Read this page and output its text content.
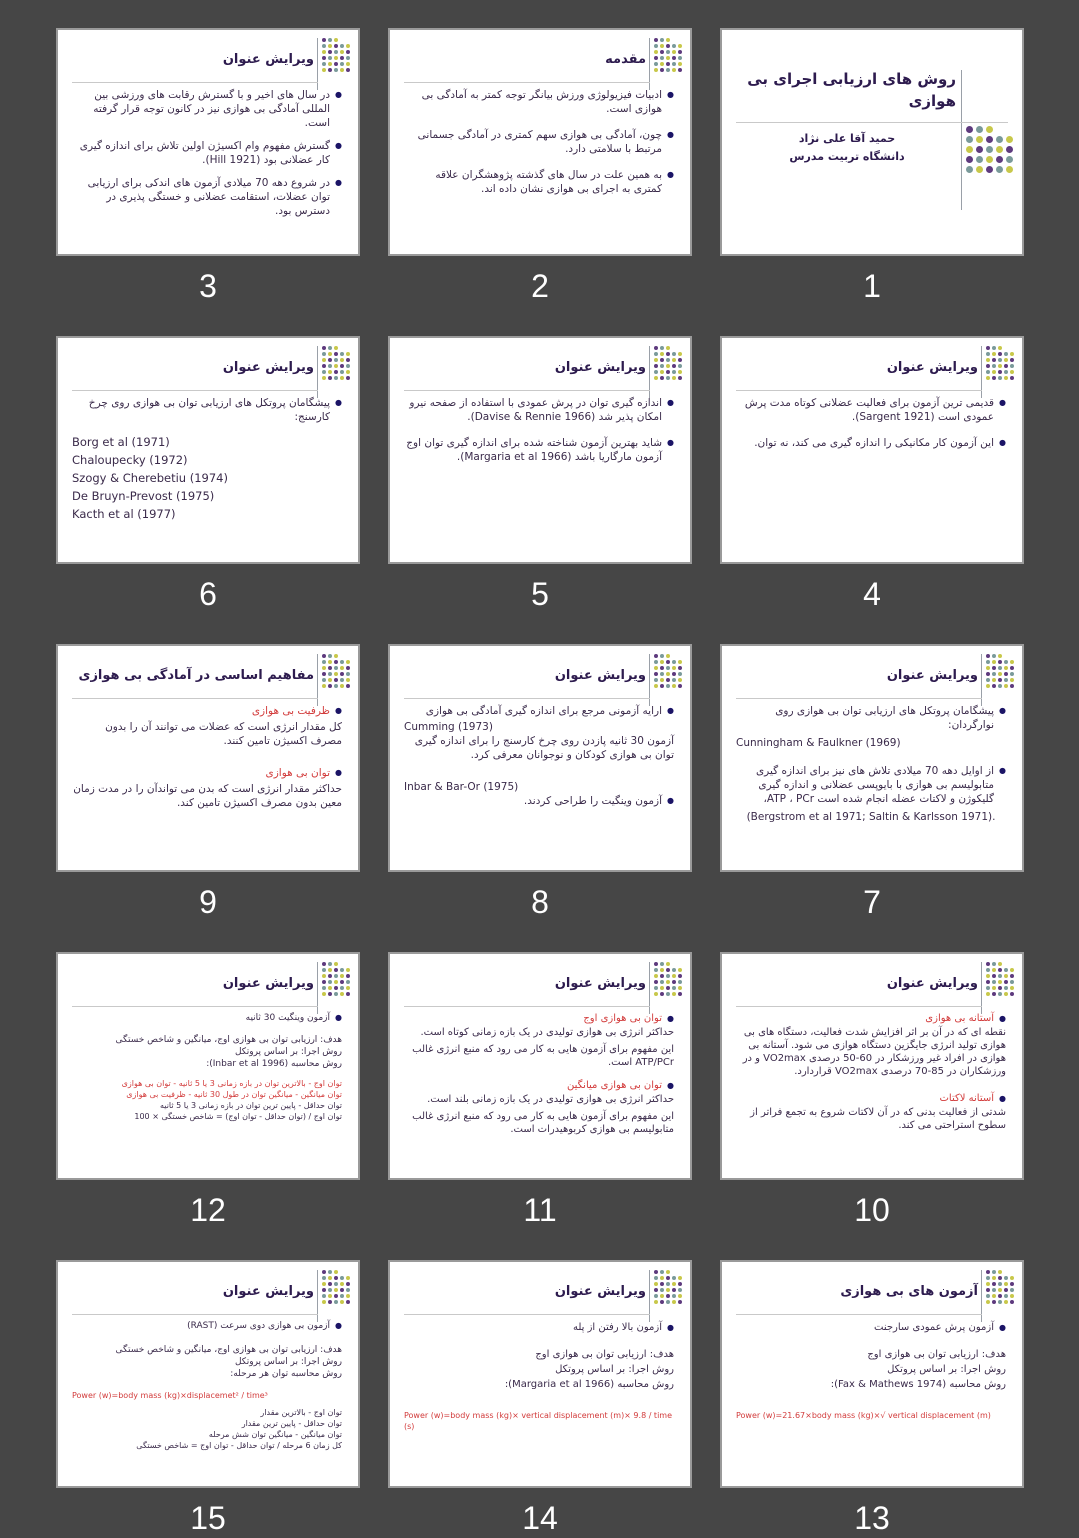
ویرایش عنوان
● در سال های اخیر و با گسترش رقابت های ورزشی بین المللی آمادگی بی هوازی نیز در کانون توجه قرار گرفته است.
● گسترش مفهوم وام اکسیژن اولین تلاش برای اندازه گیری کار عضلانی بود (Hill 1921).
● در شروع دهه 70 میلادی آزمون های اندکی برای ارزیابی توان عضلات، استقامت عضلانی و خستگی پذیری در دسترس بود.
3
مقدمه
● ادبیات فیزیولوژی ورزش بیانگر توجه کمتر به آمادگی بی هوازی است.
● چون، آمادگی بی هوازی سهم کمتری در آمادگی جسمانی مرتبط با سلامتی دارد.
● به همین علت در سال های گذشته پژوهشگران علاقه کمتری به اجرای بی هوازی نشان داده اند.
2
روش های ارزیابی اجرای بی هوازی
حمید آقا علی نژاد
دانشگاه تربیت مدرس
1
ویرایش عنوان
● پیشگامان پروتکل های ارزیابی توان بی هوازی روی چرخ کارسنج:
Borg et al (1971)
Chaloupecky (1972)
Szogy & Cherebetiu (1974)
De Bruyn-Prevost (1975)
Kacth et al (1977)
6
ویرایش عنوان
● اندازه گیری توان در پرش عمودی با استفاده از صفحه نیرو امکان پذیر شد (Davise & Rennie 1966).
● شاید بهترین آزمون شناخته شده برای اندازه گیری توان اوج آزمون مارگاریا باشد (Margaria et al 1966).
5
ویرایش عنوان
● قدیمی ترین آزمون برای فعالیت عضلانی کوتاه مدت پرش عمودی است (Sargent 1921).
● این آزمون کار مکانیکی را اندازه گیری می کند، نه توان.
4
مفاهیم اساسی در آمادگی بی هوازی
● ظرفیت بی هوازی
کل مقدار انرژی است که عضلات می توانند آن را بدون مصرف اکسیژن تامین کنند.
● توان بی هوازی
حداکثر مقدار انرژی است که بدن می تواندآن را در مدت زمان معین بدون مصرف اکسیژن تامین کند.
9
ویرایش عنوان
● ارایه آزمونی مرجع برای اندازه گیری آمادگی بی هوازی
Cumming (1973)
آزمون 30 ثانیه پازدن روی چرخ کارسنج را برای اندازه گیری توان بی هوازی کودکان و نوجوانان معرفی کرد.
Inbar & Bar-Or (1975)
● آزمون وینگیت را طراحی کردند.
8
ویرایش عنوان
● پیشگامان پروتکل های ارزیابی توان بی هوازی روی نوارگردان:
Cunningham & Faulkner (1969)
● از اوایل دهه 70 میلادی تلاش های نیز برای اندازه گیری متابولیسم بی هوازی با بایوپسی عضلانی و اندازه گیری گلیکوژن و لاکتات عضله انجام شده است ATP ، PCr،
(Bergstrom et al 1971; Saltin & Karlsson 1971).
7
ویرایش عنوان
● آزمون وینگیت 30 ثانیه
هدف: ارزیابی توان بی هوازی اوج، میانگین و شاخص خستگی
روش اجرا: بر اساس پروتکل
روش محاسبه (Inbar et al 1996):
توان اوج - بالاترین توان در بازه زمانی 3 یا 5 ثانیه - توان بی هوازی
توان میانگین - میانگین توان در طول 30 ثانیه - ظرفیت بی هوازی
توان حداقل - پایین ترین توان در بازه زمانی 3 یا 5 ثانیه
توان اوج / (توان حداقل - توان اوج) = شاخص خستگی × 100
12
ویرایش عنوان
● توان بی هوازی اوج
حداکثر انرژی بی هوازی تولیدی در یک بازه زمانی کوتاه است.
این مفهوم برای آزمون هایی به کار می رود که منبع انرژی غالب ATP/PCr است.
● توان بی هوازی میانگین
حداکثر انرژی بی هوازی تولیدی در یک بازه زمانی بلند است.
این مفهوم برای آزمون هایی به کار می رود که منبع انرژی غالب متابولیسم بی هوازی کربوهیدرات است.
11
ویرایش عنوان
● آستانه بی هوازی
نقطه ای که در آن بر اثر افزایش شدت فعالیت، دستگاه های بی هوازی تولید انرژی جایگزین دستگاه هوازی می شود. آستانه بی هوازی در افراد غیر ورزشکار در 60-50 درصدی VO2max و در ورزشکاران در 85-70 درصدی VO2max قراردارد.
● آستانه لاکتات
شدتی از فعالیت بدنی که در آن لاکتات شروع به تجمع فراتر از سطوح استراحتی می کند.
10
ویرایش عنوان
● آزمون بی هوازی دوی سرعت (RAST)
هدف: ارزیابی توان بی هوازی اوج، میانگین و شاخص خستگی
روش اجرا: بر اساس پروتکل
روش محاسبه توان هر مرحله:
Power (w)=body mass (kg)×displacemet² / time³
توان اوج - بالاترین مقدار
توان حداقل - پایین ترین مقدار
توان میانگین - میانگین توان شش مرحله
کل زمان 6 مرحله / توان حداقل - توان اوج = شاخص خستگی
15
ویرایش عنوان
● آزمون بالا رفتن از پله
هدف: ارزیابی توان بی هوازی اوج
روش اجرا: بر اساس پروتکل
روش محاسبه (Margaria et al 1966):
Power (w)=body mass (kg)× vertical displacement (m)× 9.8 / time (s)
14
آزمون های بی هوازی
● آزمون پرش عمودی سارجنت
هدف: ارزیابی توان بی هوازی اوج
روش اجرا: بر اساس پروتکل
روش محاسبه (Fax & Mathews 1974):
Power (w)=21.67×body mass (kg)×√ vertical displacement (m)
13
